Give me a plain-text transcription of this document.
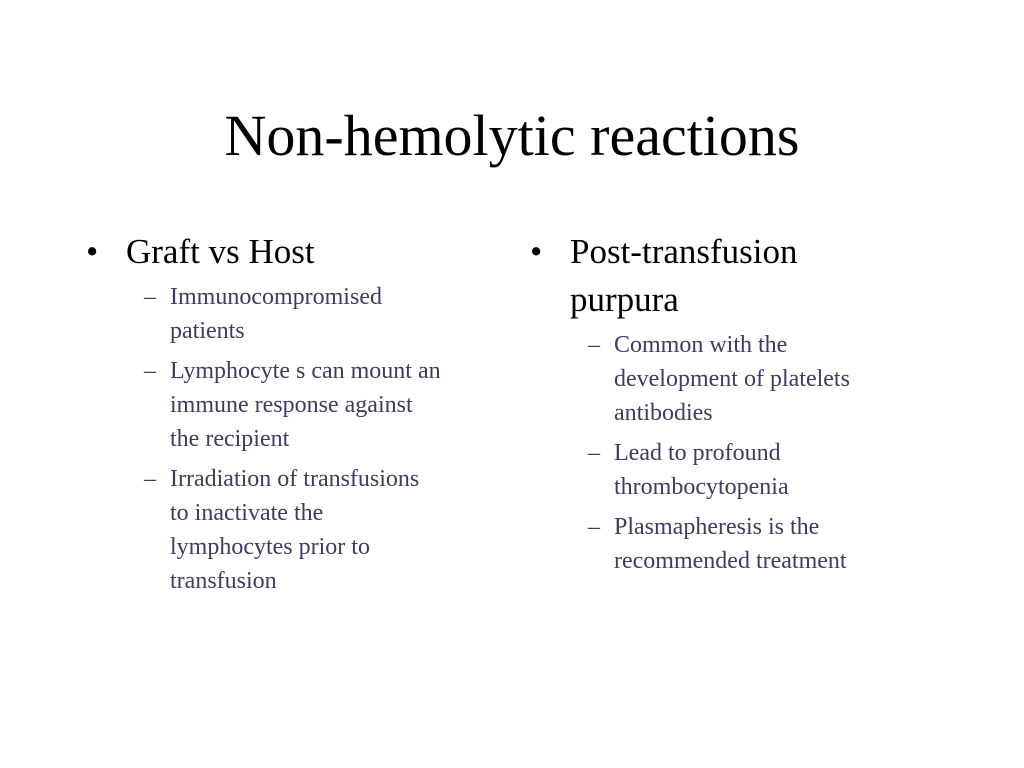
Non-hemolytic reactions
• Graft vs Host
– Immunocompromised
patients
– Lymphocyte s can mount an
immune response against
the recipient
– Irradiation of transfusions
to inactivate the
lymphocytes prior to
transfusion
• Post-transfusion
purpura
– Common with the
development of platelets
antibodies
– Lead to profound
thrombocytopenia
– Plasmapheresis is the
recommended treatment
